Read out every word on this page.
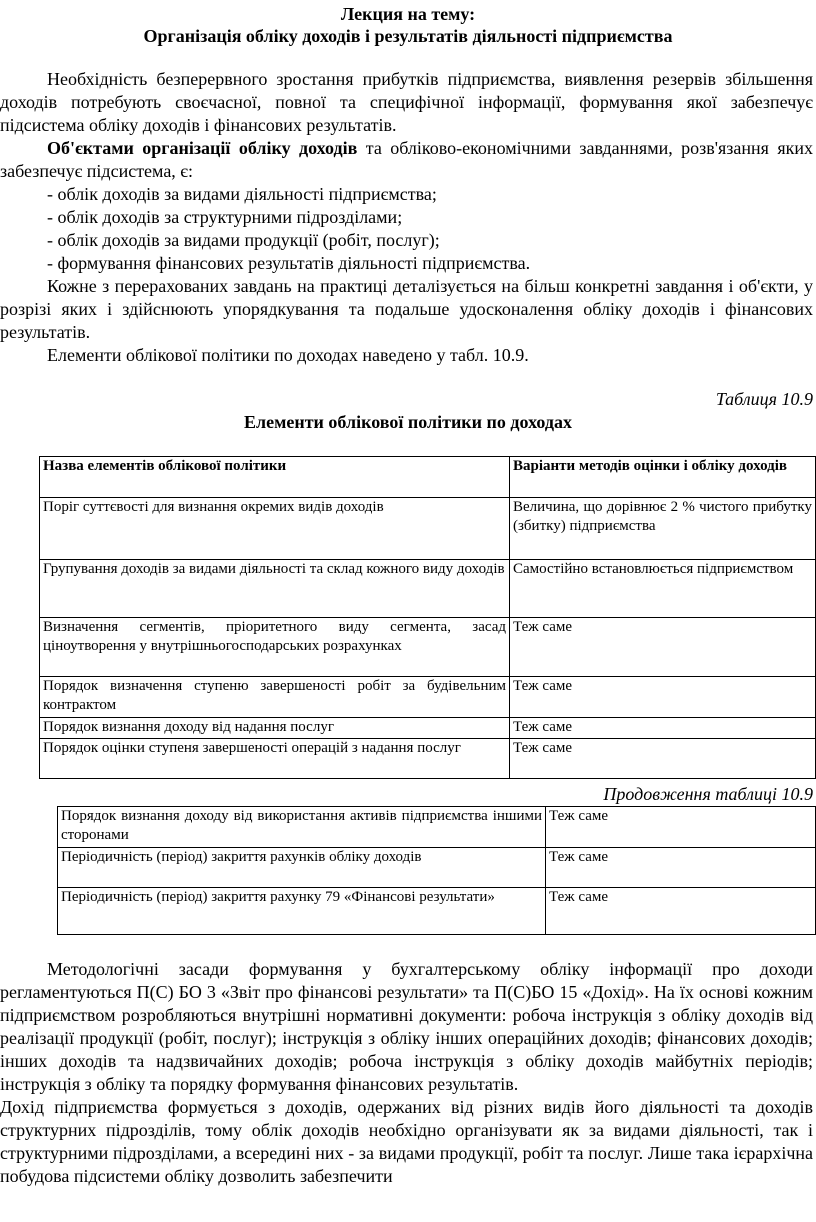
Лекция на тему:

Організація обліку доходів і результатів діяльності підприємства

Необхідність безперервного зростання прибутків підприємства, виявлення резервів збільшення доходів потребують своєчасної, повної та специфічної інформації, формування якої забезпечує підсистема обліку доходів і фінансових результатів.

Об'єктами організації обліку доходів та обліково-економічними завданнями, розв'язання яких забезпечує підсистема, є:

- облік доходів за видами діяльності підприємства;

- облік доходів за структурними підрозділами;

- облік доходів за видами продукції (робіт, послуг);

- формування фінансових результатів діяльності підприємства.

Кожне з перерахованих завдань на практиці деталізується на більш конкретні завдання і об'єкти, у розрізі яких і здійснюють упорядкування та подальше удосконалення обліку доходів і фінансових результатів.

Елементи облікової політики по доходах наведено у табл. 10.9.

Таблиця 10.9
Елементи облікової політики по доходах
Назва елементів облікової політики	Варіанти методів оцінки і обліку доходів
Поріг суттєвості для визнання окремих видів доходів	Величина, що дорівнює 2 % чистого прибутку (збитку) підприємства
Групування доходів за видами діяльності та склад кожного виду доходів	Самостійно встановлюється підприємством
Визначення сегментів, пріоритетного виду сегмента, засад ціноутворення у внутрішньогосподарських розрахунках	Теж саме
Порядок визначення ступеню завершеності робіт за будівельним контрактом	Теж саме
Порядок визнання доходу від надання послуг	Теж саме
Порядок оцінки ступеня завершеності операцій з надання послуг	Теж саме
Продовження таблиці 10.9
Порядок визнання доходу від використання активів підприємства іншими сторонами	Теж саме
Періодичність (період) закриття рахунків обліку доходів	Теж саме
Періодичність (період) закриття рахунку 79 «Фінансові результати»	Теж саме

Методологічні засади формування у бухгалтерському обліку інформації про доходи регламентуються П(С) БО 3 «Звіт про фінансові результати» та П(С)БО 15 «Дохід». На їх основі кожним підприємством розробляються внутрішні нормативні документи: робоча інструкція з обліку доходів від реалізації продукції (робіт, послуг); інструкція з обліку інших операційних доходів; фінансових доходів; інших доходів та надзвичайних доходів; робоча інструкція з обліку доходів майбутніх періодів; інструкція з обліку та порядку формування фінансових результатів.

Дохід підприємства формується з доходів, одержаних від різних видів його діяльності та доходів структурних підрозділів, тому облік доходів необхідно організувати як за видами діяльності, так і структурними підрозділами, а всередині них - за видами продукції, робіт та послуг. Лише така ієрархічна побудова підсистеми обліку дозволить забезпечити
